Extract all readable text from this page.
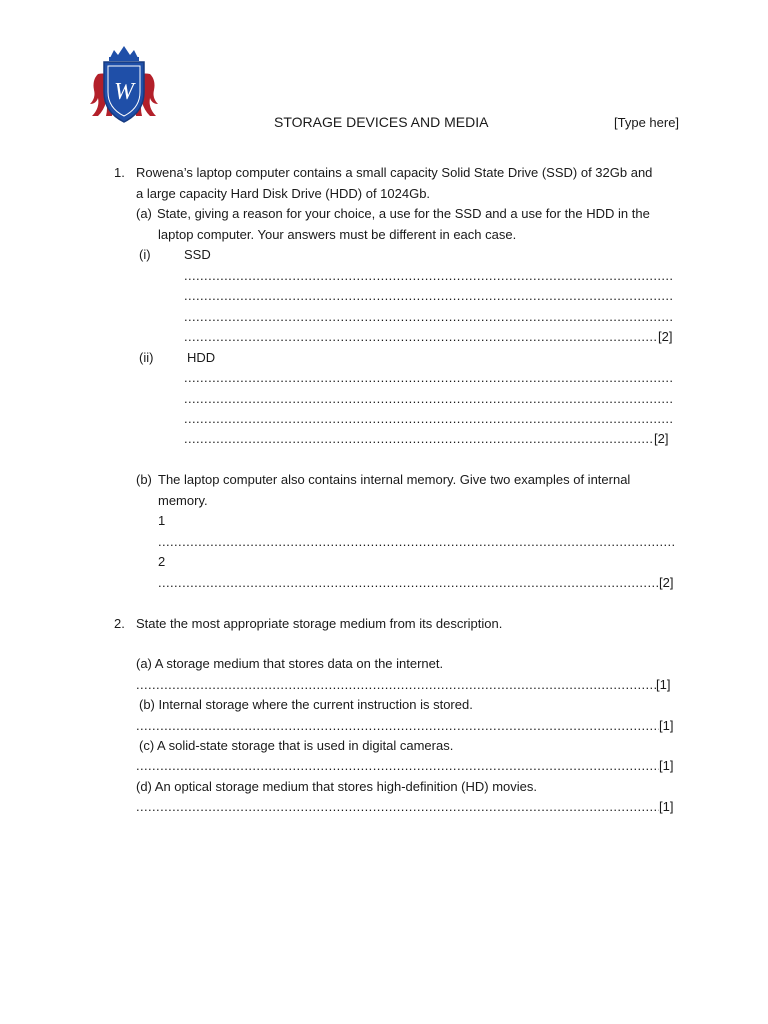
W
STORAGE DEVICES AND MEDIA	[Type here]
1. Rowena’s laptop computer contains a small capacity Solid State Drive (SSD) of 32Gb and
a large capacity Hard Disk Drive (HDD) of 1024Gb.
(a) State, giving a reason for your choice, a use for the SSD and a use for the HDD in the
laptop computer. Your answers must be different in each case.
(i)	SSD
.....
.....
.....
.....
[2]
(ii)	HDD
.....
.....
.....
.....
[2]
(b) The laptop computer also contains internal memory. Give two examples of internal
memory.
1
.....
2
.....
[2]
2. State the most appropriate storage medium from its description.
(a) A storage medium that stores data on the internet.
.....
[1]
(b) Internal storage where the current instruction is stored.
.....
[1]
(c) A solid-state storage that is used in digital cameras.
.....
[1]
(d) An optical storage medium that stores high-definition (HD) movies.
.....
[1]
